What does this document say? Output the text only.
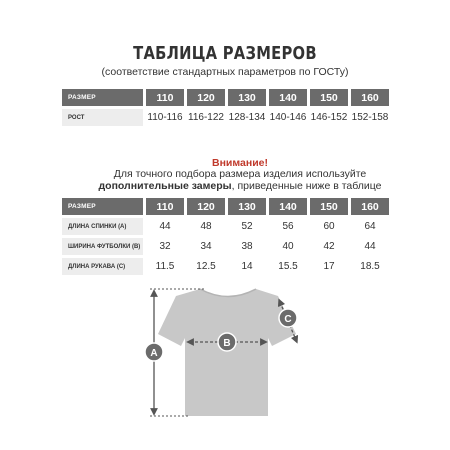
ТАБЛИЦА РАЗМЕРОВ
(соответствие стандартных параметров по ГОСТу)
РАЗМЕР	110	120	130	140	150	160
РОСТ	110-116	116-122	128-134	140-146	146-152	152-158
Внимание!
Для точного подбора размера изделия используйте
дополнительные замеры, приведенные ниже в таблице
РАЗМЕР	110	120	130	140	150	160
ДЛИНА СПИНКИ (А)	44	48	52	56	60	64
ШИРИНА ФУТБОЛКИ (В)	32	34	38	40	42	44
ДЛИНА РУКАВА (С)	11.5	12.5	14	15.5	17	18.5
A
B
C
